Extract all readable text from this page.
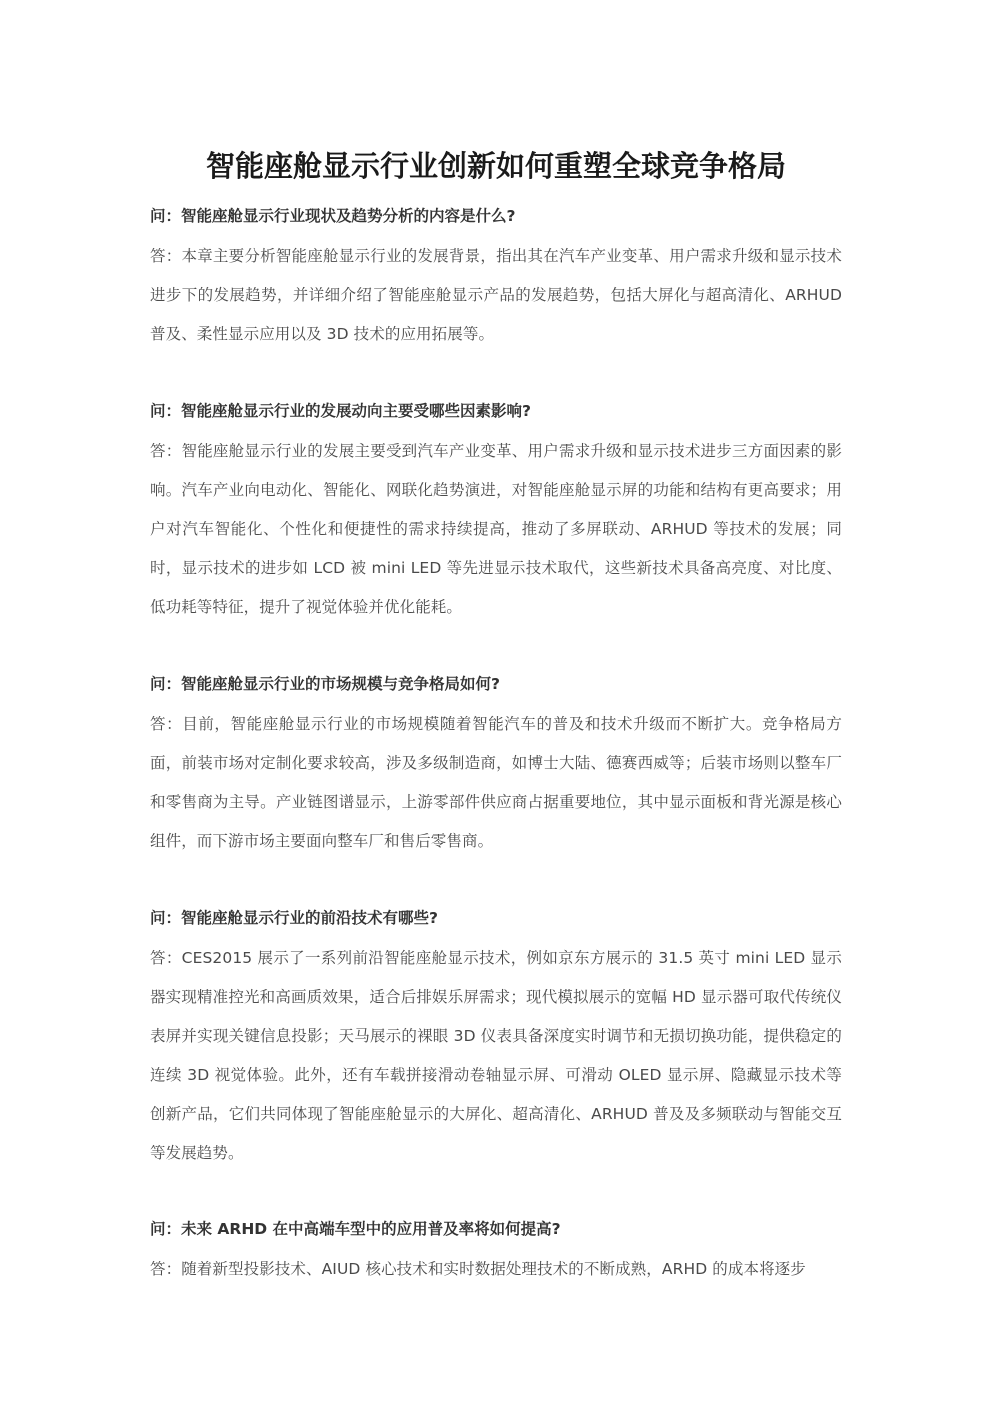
智能座舱显示行业创新如何重塑全球竞争格局

问：智能座舱显示行业现状及趋势分析的内容是什么?

答：本章主要分析智能座舱显示行业的发展背景，指出其在汽车产业变革、用户需求升级和显示技术进步下的发展趋势，并详细介绍了智能座舱显示产品的发展趋势，包括大屏化与超高清化、ARHUD 普及、柔性显示应用以及 3D 技术的应用拓展等。

问：智能座舱显示行业的发展动向主要受哪些因素影响?

答：智能座舱显示行业的发展主要受到汽车产业变革、用户需求升级和显示技术进步三方面因素的影响。汽车产业向电动化、智能化、网联化趋势演进，对智能座舱显示屏的功能和结构有更高要求；用户对汽车智能化、个性化和便捷性的需求持续提高，推动了多屏联动、ARHUD 等技术的发展；同时，显示技术的进步如 LCD 被 mini LED 等先进显示技术取代，这些新技术具备高亮度、对比度、低功耗等特征，提升了视觉体验并优化能耗。

问：智能座舱显示行业的市场规模与竞争格局如何?

答：目前，智能座舱显示行业的市场规模随着智能汽车的普及和技术升级而不断扩大。竞争格局方面，前装市场对定制化要求较高，涉及多级制造商，如博士大陆、德赛西威等；后装市场则以整车厂和零售商为主导。产业链图谱显示，上游零部件供应商占据重要地位，其中显示面板和背光源是核心组件，而下游市场主要面向整车厂和售后零售商。

问：智能座舱显示行业的前沿技术有哪些?

答：CES2015 展示了一系列前沿智能座舱显示技术，例如京东方展示的 31.5 英寸 mini LED 显示器实现精准控光和高画质效果，适合后排娱乐屏需求；现代模拟展示的宽幅 HD 显示器可取代传统仪表屏并实现关键信息投影；天马展示的裸眼 3D 仪表具备深度实时调节和无损切换功能，提供稳定的连续 3D 视觉体验。此外，还有车载拼接滑动卷轴显示屏、可滑动 OLED 显示屏、隐藏显示技术等创新产品，它们共同体现了智能座舱显示的大屏化、超高清化、ARHUD 普及及多频联动与智能交互等发展趋势。

问：未来 ARHD 在中高端车型中的应用普及率将如何提高?

答：随着新型投影技术、AIUD 核心技术和实时数据处理技术的不断成熟，ARHD 的成本将逐步
